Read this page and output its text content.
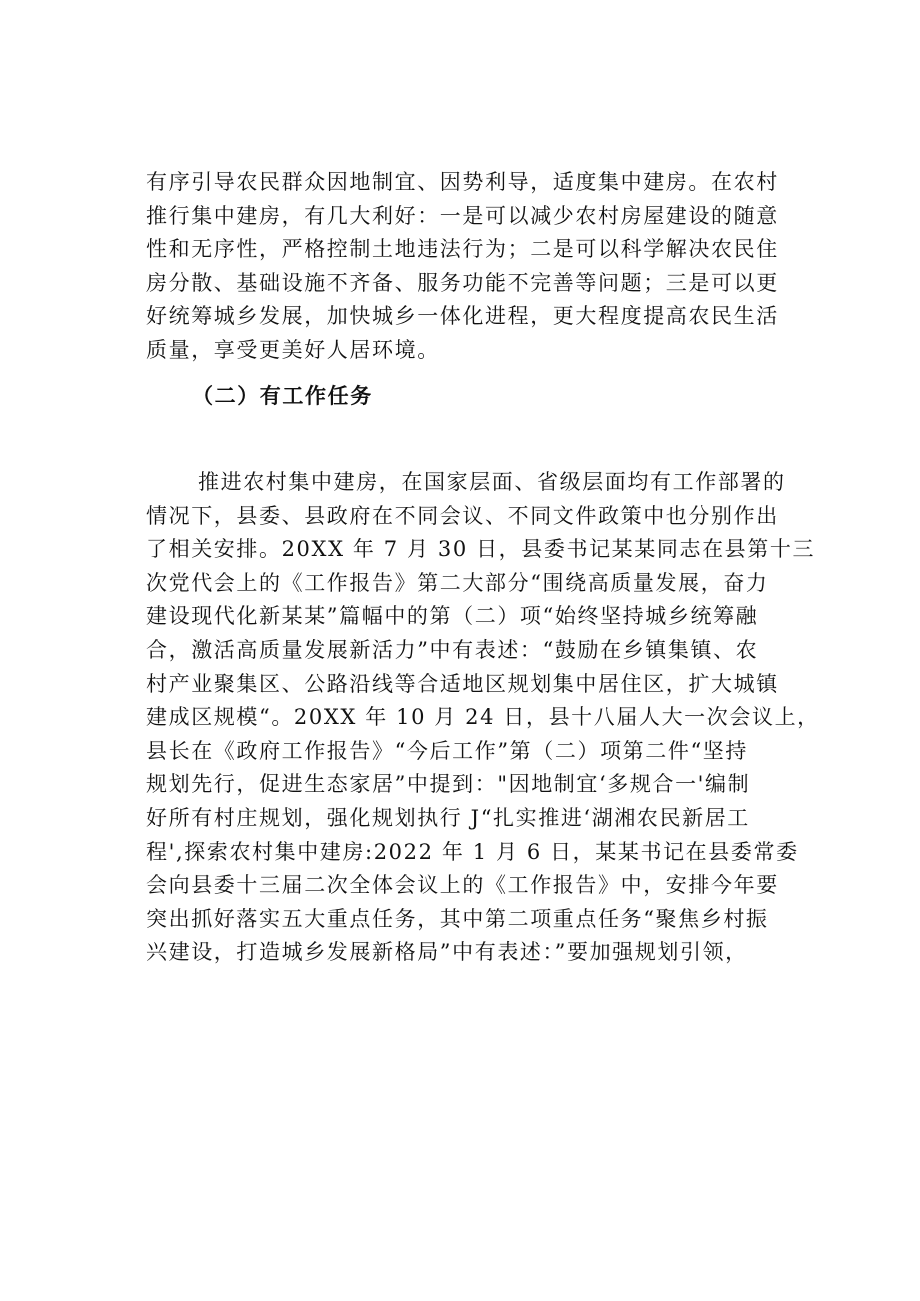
有序引导农民群众因地制宜、因势利导，适度集中建房。在农村
推行集中建房，有几大利好：一是可以减少农村房屋建设的随意
性和无序性，严格控制土地违法行为；二是可以科学解决农民住
房分散、基础设施不齐备、服务功能不完善等问题；三是可以更
好统筹城乡发展，加快城乡一体化进程，更大程度提高农民生活
质量，享受更美好人居环境。
（二）有工作任务
推进农村集中建房，在国家层面、省级层面均有工作部署的
情况下，县委、县政府在不同会议、不同文件政策中也分别作出
了相关安排。20XX 年 7 月 30 日，县委书记某某同志在县第十三
次党代会上的《工作报告》第二大部分“围绕高质量发展，奋力
建设现代化新某某”篇幅中的第（二）项“始终坚持城乡统筹融
合，激活高质量发展新活力”中有表述：“鼓励在乡镇集镇、农
村产业聚集区、公路沿线等合适地区规划集中居住区，扩大城镇
建成区规模“。20XX 年 10 月 24 日，县十八届人大一次会议上，
县长在《政府工作报告》“今后工作”第（二）项第二件“坚持
规划先行，促进生态家居”中提到："因地制宜‘多规合一'编制
好所有村庄规划，强化规划执行 J“扎实推进‘湖湘农民新居工
程',探索农村集中建房:2022 年 1 月 6 日，某某书记在县委常委
会向县委十三届二次全体会议上的《工作报告》中，安排今年要
突出抓好落实五大重点任务，其中第二项重点任务“聚焦乡村振
兴建设，打造城乡发展新格局”中有表述：”要加强规划引领，
